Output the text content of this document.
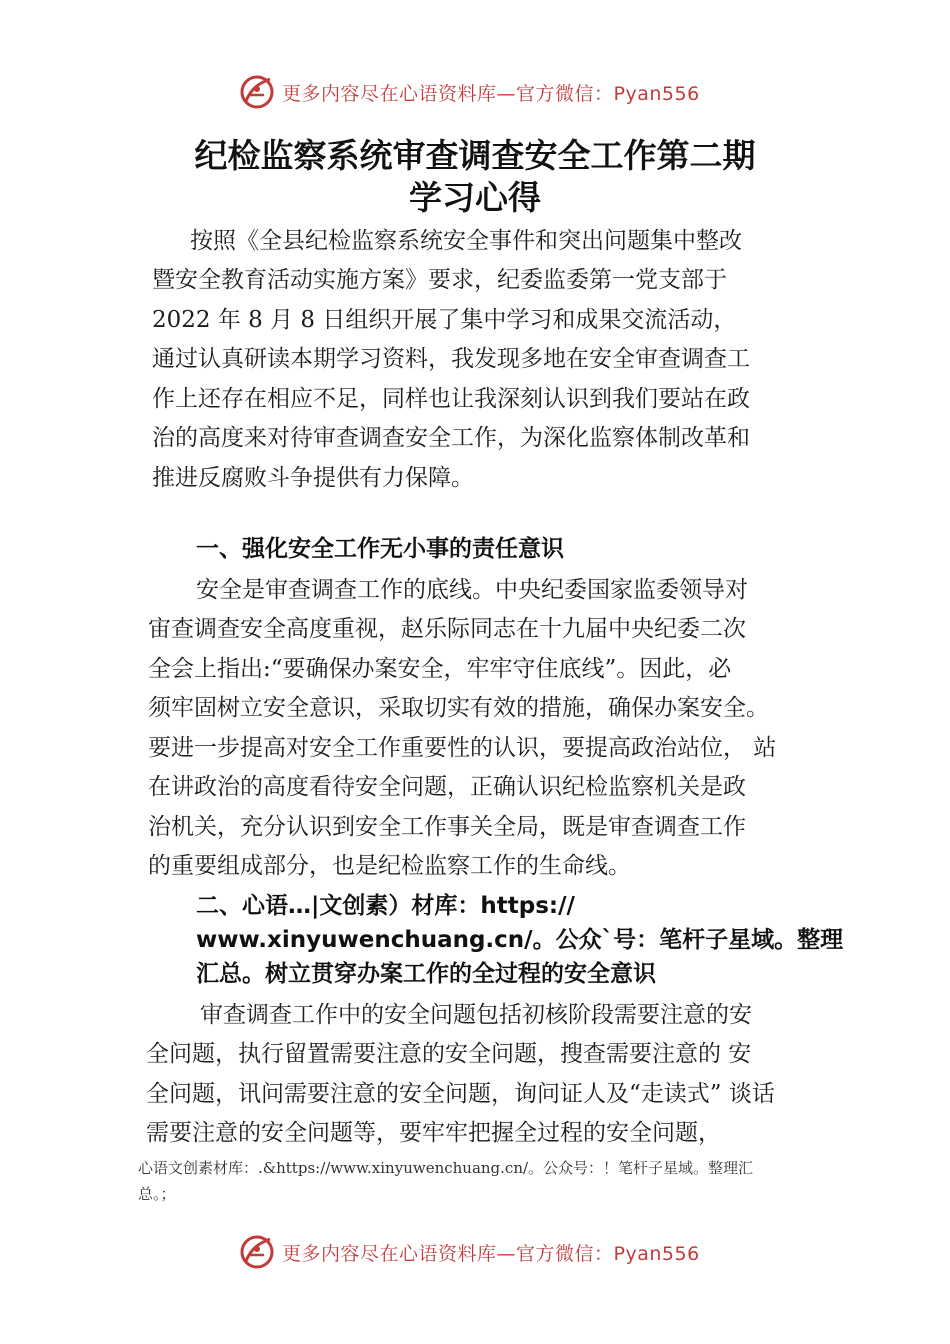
更多内容尽在心语资料库—官方微信：Pyan556
纪检监察系统审查调查安全工作第二期
学习心得
按照《全县纪检监察系统安全事件和突出问题集中整改
暨安全教育活动实施方案》要求，纪委监委第一党支部于
2022 年 8 月 8 日组织开展了集中学习和成果交流活动，
通过认真研读本期学习资料，我发现多地在安全审查调查工
作上还存在相应不足，同样也让我深刻认识到我们要站在政
治的高度来对待审查调查安全工作，为深化监察体制改革和
推进反腐败斗争提供有力保障。
一、强化安全工作无小事的责任意识
安全是审查调查工作的底线。中央纪委国家监委领导对
宙查调查安全高度重视，赵乐际同志在十九届中央纪委二次
全会上指出:“要确保办案安全，牢牢守住底线”。因此，必
须牢固树立安全意识，采取切实有效的措施，确保办案安全。
要进一步提高对安全工作重要性的认识，要提高政治站位， 站
在讲政治的高度看待安全问题，正确认识纪检监察机关是政
治机关，充分认识到安全工作事关全局，既是审查调查工作
的重要组成部分，也是纪检监察工作的生命线。
二、心语…|文创素）材库：https://
www.xinyuwenchuang.cn/。公众`号：笔杆子星域。整理
汇总。树立贯穿办案工作的全过程的安全意识
审查调查工作中的安全问题包括初核阶段需要注意的安
全问题，执行留置需要注意的安全问题，搜查需要注意的 安
全问题，讯问需要注意的安全问题，询问证人及“走读式” 谈话
需要注意的安全问题等，要牢牢把握全过程的安全问题，
心语文创素材库：.&https://www.xinyuwenchuang.cn/。公众号：！笔杆子星域。整理汇
总。；
更多内容尽在心语资料库—官方微信：Pyan556
